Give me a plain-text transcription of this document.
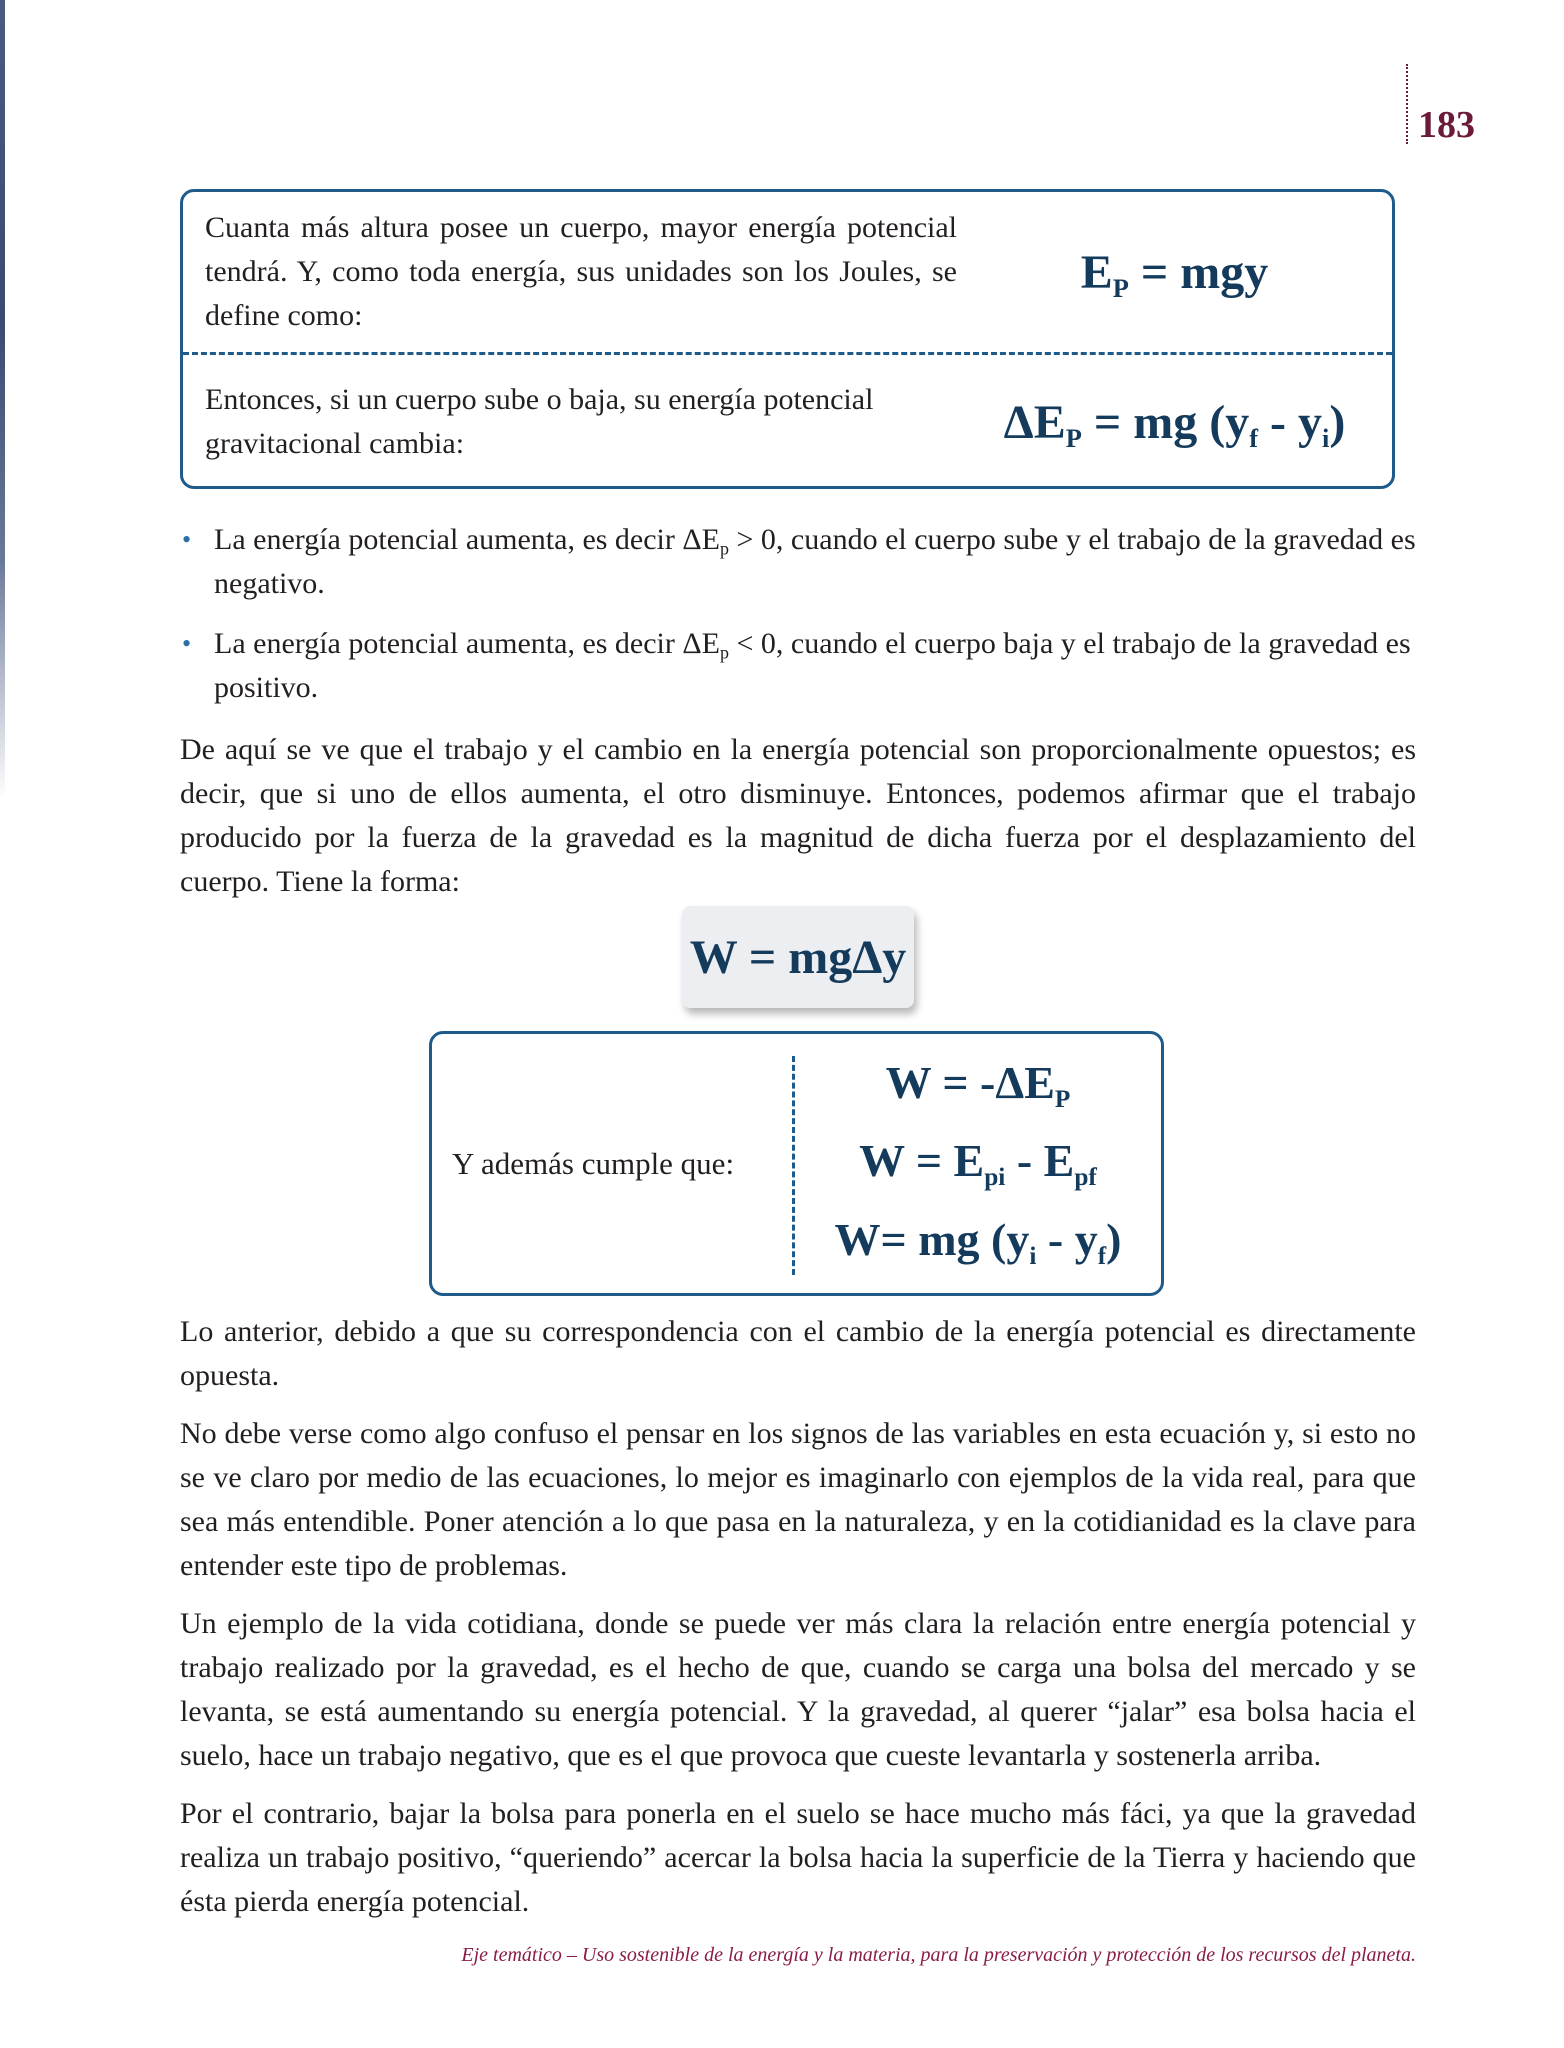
183
Cuanta más altura posee un cuerpo, mayor energía potencial tendrá. Y, como toda energía, sus unidades son los Joules, se define como:
$E_P$ = mgy
Entonces, si un cuerpo sube o baja, su energía potencial gravitacional cambia:	$\Delta E_P$ = mg $(y_f - y_i)$
• La energía potencial aumenta, es decir ΔEp > 0, cuando el cuerpo sube y el trabajo de la gravedad es negativo.
• La energía potencial aumenta, es decir ΔEp < 0, cuando el cuerpo baja y el trabajo de la gravedad es positivo.

De aquí se ve que el trabajo y el cambio en la energía potencial son proporcionalmente opuestos; es decir, que si uno de ellos aumenta, el otro disminuye. Entonces, podemos afirmar que el trabajo producido por la fuerza de la gravedad es la magnitud de dicha fuerza por el desplazamiento del cuerpo. Tiene la forma:

W = mgΔy
Y además cumple que:
$W = -\Delta E_P$
$W = E_{pi} - E_{pf}$
W= mg $(y_i - y_f)$

Lo anterior, debido a que su correspondencia con el cambio de la energía potencial es directamente opuesta.

No debe verse como algo confuso el pensar en los signos de las variables en esta ecuación y, si esto no se ve claro por medio de las ecuaciones, lo mejor es imaginarlo con ejemplos de la vida real, para que sea más entendible. Poner atención a lo que pasa en la naturaleza, y en la cotidianidad es la clave para entender este tipo de problemas.

Un ejemplo de la vida cotidiana, donde se puede ver más clara la relación entre energía potencial y trabajo realizado por la gravedad, es el hecho de que, cuando se carga una bolsa del mercado y se levanta, se está aumentando su energía potencial. Y la gravedad, al querer “jalar” esa bolsa hacia el suelo, hace un trabajo negativo, que es el que provoca que cueste levantarla y sostenerla arriba.

Por el contrario, bajar la bolsa para ponerla en el suelo se hace mucho más fáci, ya que la gravedad realiza un trabajo positivo, “queriendo” acercar la bolsa hacia la superficie de la Tierra y haciendo que ésta pierda energía potencial.

Eje temático – Uso sostenible de la energía y la materia, para la preservación y protección de los recursos del planeta.
